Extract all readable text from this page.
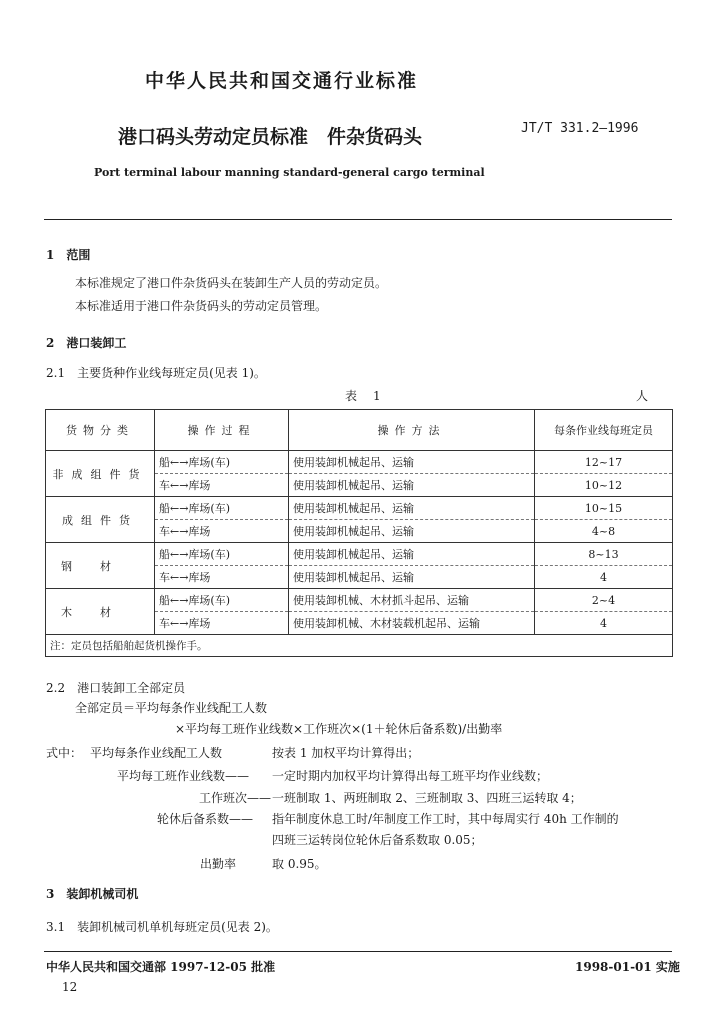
中华人民共和国交通行业标准
港口码头劳动定员标准　件杂货码头	JT/T 331.2—1996
Port terminal labour manning standard-general cargo terminal
1　范围
本标准规定了港口件杂货码头在装卸生产人员的劳动定员。
本标准适用于港口件杂货码头的劳动定员管理。
2　港口装卸工
2.1　主要货种作业线每班定员(见表 1)。
表　1	人
货物分类	操作过程	操作方法	每条作业线每班定员
非成组件货	船←→库场(车)	使用装卸机械起吊、运输	12~17
	车←→库场	使用装卸机械起吊、运输	10~12
成组件货	船←→库场(车)	使用装卸机械起吊、运输	10~15
	车←→库场	使用装卸机械起吊、运输	4~8
钢材	船←→库场(车)	使用装卸机械起吊、运输	8~13
	车←→库场	使用装卸机械起吊、运输	4
木材	船←→库场(车)	使用装卸机械、木材抓斗起吊、运输	2~4
	车←→库场	使用装卸机械、木材装载机起吊、运输	4
注：定员包括船舶起货机操作手。			
2.2　港口装卸工全部定员
全部定员＝平均每条作业线配工人数
×平均每工班作业线数×工作班次×(1＋轮休后备系数)/出勤率
式中： 平均每条作业线配工人数	按表 1 加权平均计算得出；
平均每工班作业线数—— 一定时期内加权平均计算得出每工班平均作业线数；
工作班次—— 一班制取 1、两班制取 2、三班制取 3、四班三运转取 4；
轮休后备系数—— 指年制度休息工时/年制度工作工时，其中每周实行 40h 工作制的
四班三运转岗位轮休后备系数取 0.05；
出勤率	取 0.95。
3　装卸机械司机
3.1　装卸机械司机单机每班定员(见表 2)。
中华人民共和国交通部 1997-12-05 批准	1998-01-01 实施
12
